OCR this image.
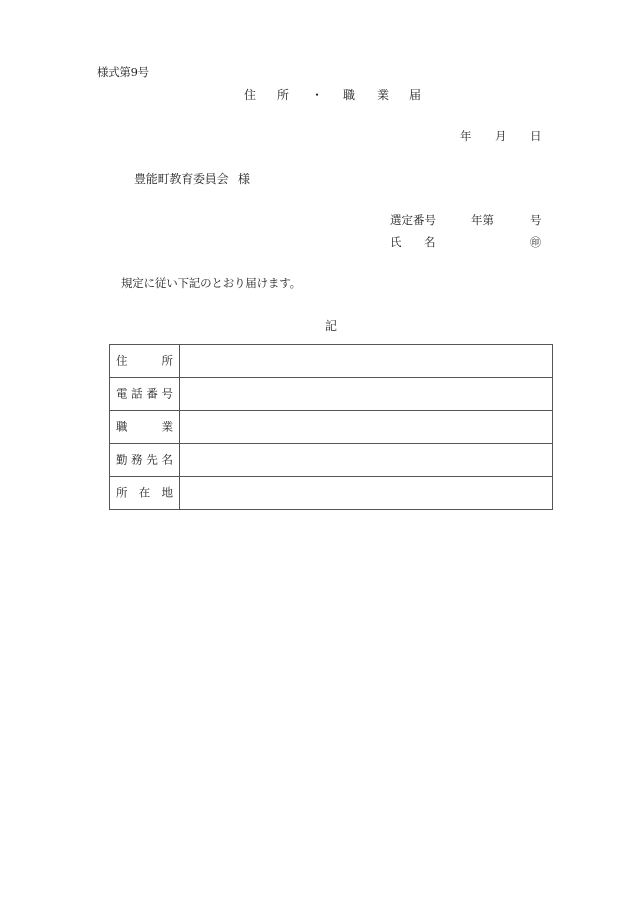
様式第9号
住 所 ・ 職 業 届
年 月 日
豊能町教育委員会 様
選定番号	年第	号
氏 名	㊞
規定に従い下記のとおり届けます。
記
住 所	

電 話 番 号	

職 業	

勤 務 先 名	

所 在 地	
